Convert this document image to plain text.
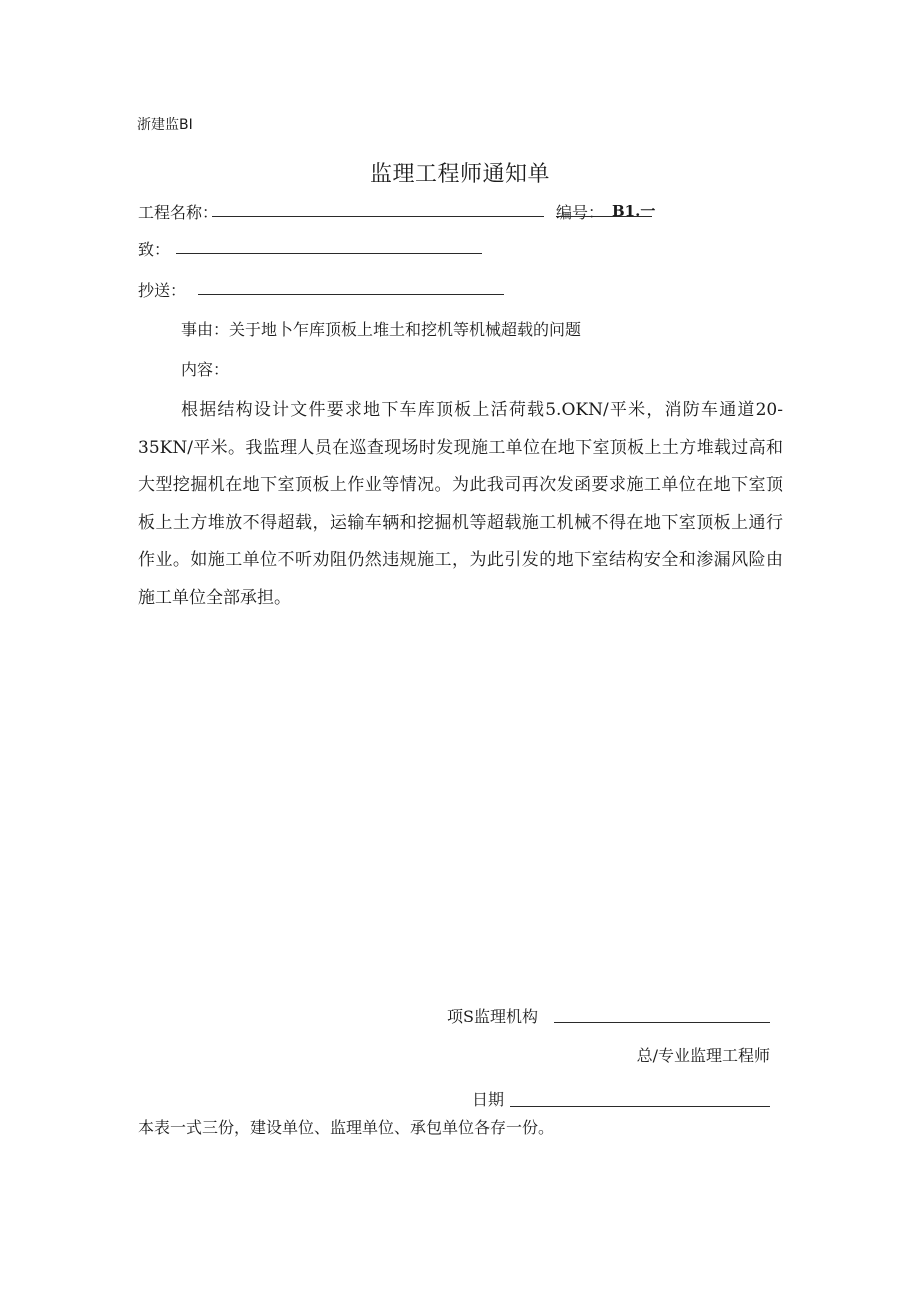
浙建监BI
监理工程师通知单
工程名称：	编号： B1.一
致：
抄送：
事由：关于地卜乍库顶板上堆土和挖机等机械超载的问题
内容：

根据结构设计文件要求地下车库顶板上活荷载5.OKN/平米，消防车通道20-35KN/平米。我监理人员在巡查现场时发现施工单位在地下室顶板上土方堆载过高和大型挖掘机在地下室顶板上作业等情况。为此我司再次发函要求施工单位在地下室顶板上土方堆放不得超载，运输车辆和挖掘机等超载施工机械不得在地下室顶板上通行作业。如施工单位不听劝阻仍然违规施工，为此引发的地下室结构安全和渗漏风险由施工单位全部承担。

项S监理机构
总/专业监理工程师
日期
本表一式三份，建设单位、监理单位、承包单位各存一份。
